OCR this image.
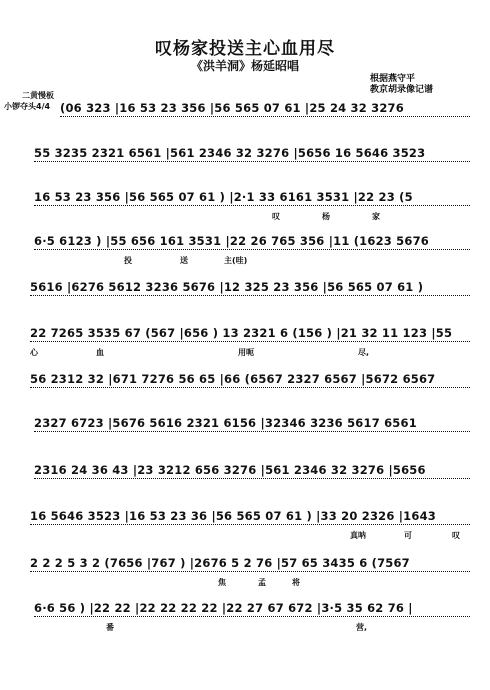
叹杨家投送主心血用尽
《洪羊洞》杨延昭唱
根据燕守平
教京胡录像记谱
二黄慢板
小锣夺头4/4 (06 323 |16 53 23 356 |56 565 07 61 |25 24 32 3276
55 3235 2321 6561 |561 2346 32 3276 |5656 16 5646 3523
16 53 23 356 |56 565 07 61 ) |2·1 33 6161 3531 |22 23 (5
叹	杨	家
6·5 6123 ) |55 656 161 3531 |22 26 765 356 |11 (1623 5676
投	送	主(哇)
5616 |6276 5612 3236 5676 |12 325 23 356 |56 565 07 61 )
22 7265 3535 67 (567 |656 ) 13 2321 6 (156 ) |21 32 11 123 |55
心	血	用呃	尽,
56 2312 32 |671 7276 56 65 |66 (6567 2327 6567 |5672 6567
2327 6723 |5676 5616 2321 6156 |32346 3236 5617 6561
2316 24 36 43 |23 3212 656 3276 |561 2346 32 3276 |5656
16 5646 3523 |16 53 23 36 |56 565 07 61 ) |33 20 2326 |1643
真呐	可	叹
2 2 2 5 3 2 (7656 |767 ) |2676 5 2 76 |57 65 3435 6 (7567
焦	孟	将
6·6 56 ) |22 22 |22 22 22 22 |22 27 67 672 |3·5 35 62 76 |
番	营,
